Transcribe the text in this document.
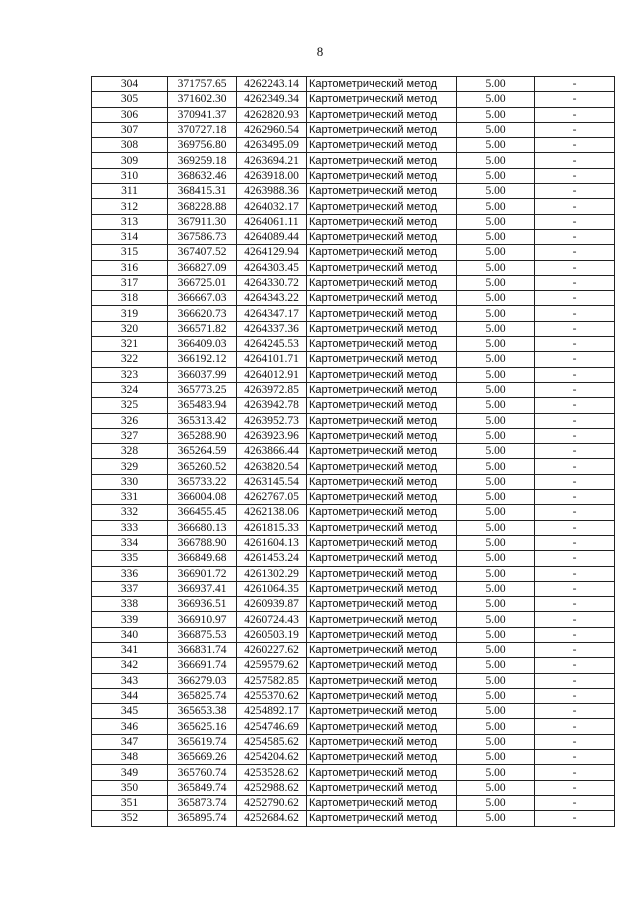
8
304	371757.65	4262243.14	Картометрический метод	5.00	-
305	371602.30	4262349.34	Картометрический метод	5.00	-
306	370941.37	4262820.93	Картометрический метод	5.00	-
307	370727.18	4262960.54	Картометрический метод	5.00	-
308	369756.80	4263495.09	Картометрический метод	5.00	-
309	369259.18	4263694.21	Картометрический метод	5.00	-
310	368632.46	4263918.00	Картометрический метод	5.00	-
311	368415.31	4263988.36	Картометрический метод	5.00	-
312	368228.88	4264032.17	Картометрический метод	5.00	-
313	367911.30	4264061.11	Картометрический метод	5.00	-
314	367586.73	4264089.44	Картометрический метод	5.00	-
315	367407.52	4264129.94	Картометрический метод	5.00	-
316	366827.09	4264303.45	Картометрический метод	5.00	-
317	366725.01	4264330.72	Картометрический метод	5.00	-
318	366667.03	4264343.22	Картометрический метод	5.00	-
319	366620.73	4264347.17	Картометрический метод	5.00	-
320	366571.82	4264337.36	Картометрический метод	5.00	-
321	366409.03	4264245.53	Картометрический метод	5.00	-
322	366192.12	4264101.71	Картометрический метод	5.00	-
323	366037.99	4264012.91	Картометрический метод	5.00	-
324	365773.25	4263972.85	Картометрический метод	5.00	-
325	365483.94	4263942.78	Картометрический метод	5.00	-
326	365313.42	4263952.73	Картометрический метод	5.00	-
327	365288.90	4263923.96	Картометрический метод	5.00	-
328	365264.59	4263866.44	Картометрический метод	5.00	-
329	365260.52	4263820.54	Картометрический метод	5.00	-
330	365733.22	4263145.54	Картометрический метод	5.00	-
331	366004.08	4262767.05	Картометрический метод	5.00	-
332	366455.45	4262138.06	Картометрический метод	5.00	-
333	366680.13	4261815.33	Картометрический метод	5.00	-
334	366788.90	4261604.13	Картометрический метод	5.00	-
335	366849.68	4261453.24	Картометрический метод	5.00	-
336	366901.72	4261302.29	Картометрический метод	5.00	-
337	366937.41	4261064.35	Картометрический метод	5.00	-
338	366936.51	4260939.87	Картометрический метод	5.00	-
339	366910.97	4260724.43	Картометрический метод	5.00	-
340	366875.53	4260503.19	Картометрический метод	5.00	-
341	366831.74	4260227.62	Картометрический метод	5.00	-
342	366691.74	4259579.62	Картометрический метод	5.00	-
343	366279.03	4257582.85	Картометрический метод	5.00	-
344	365825.74	4255370.62	Картометрический метод	5.00	-
345	365653.38	4254892.17	Картометрический метод	5.00	-
346	365625.16	4254746.69	Картометрический метод	5.00	-
347	365619.74	4254585.62	Картометрический метод	5.00	-
348	365669.26	4254204.62	Картометрический метод	5.00	-
349	365760.74	4253528.62	Картометрический метод	5.00	-
350	365849.74	4252988.62	Картометрический метод	5.00	-
351	365873.74	4252790.62	Картометрический метод	5.00	-
352	365895.74	4252684.62	Картометрический метод	5.00	-
